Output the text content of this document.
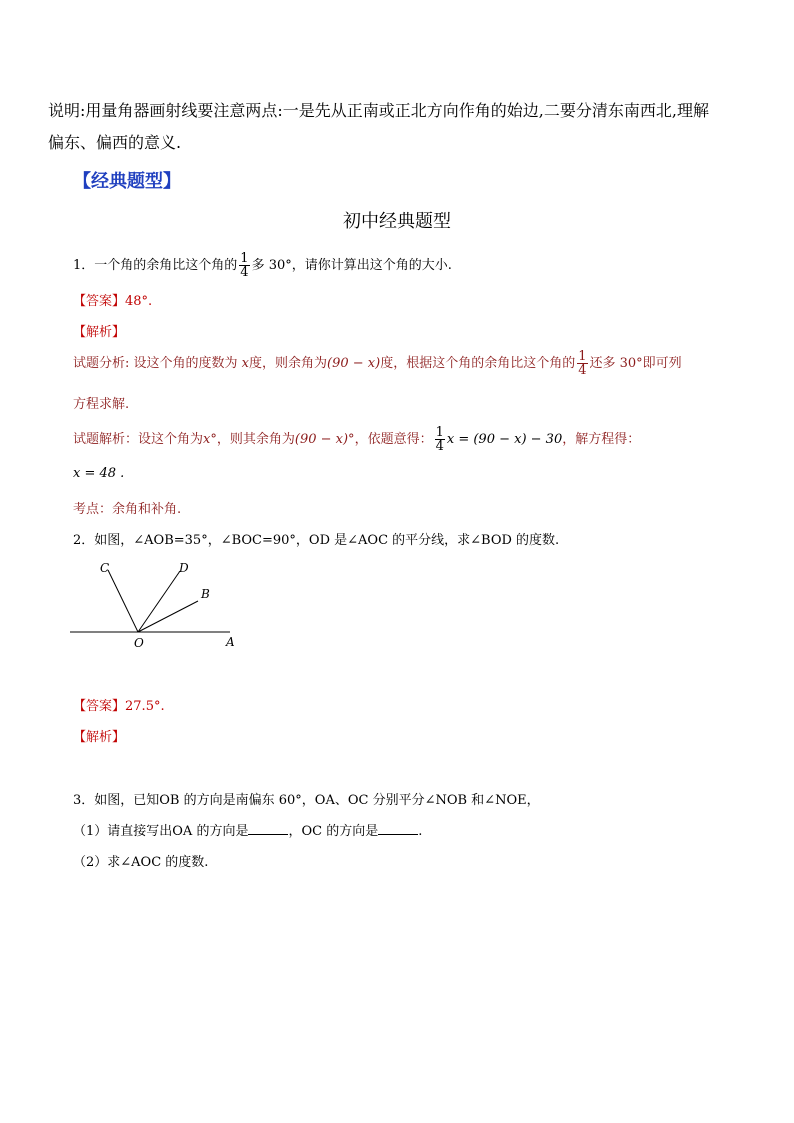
说明:用量角器画射线要注意两点:一是先从正南或正北方向作角的始边,二要分清东南西北,理解
偏东、偏西的意义.
【经典题型】
初中经典题型
1．一个角的余角比这个角的 $\frac{1}{4}$ 多 30°，请你计算出这个角的大小.
【答案】48°.
【解析】
试题分析: 设这个角的度数为 x度，则余角为(90 − x)度，根据这个角的余角比这个角的 $\frac{1}{4}$ 还多 30°即可列
方程求解.
试题解析：设这个角为x°，则其余角为(90 − x)°，依题意得： $\frac{1}{4}$ x = (90 − x) − 30，解方程得：
x = 48 .
考点：余角和补角.
2．如图，∠AOB=35°，∠BOC=90°，OD 是∠AOC 的平分线，求∠BOD 的度数.
C	D
B
O	A
【答案】27.5°.
【解析】
3．如图，已知OB 的方向是南偏东 60°，OA、OC 分别平分∠NOB 和∠NOE，
（1）请直接写出OA 的方向是	，OC 的方向是	.
（2）求∠AOC 的度数.
